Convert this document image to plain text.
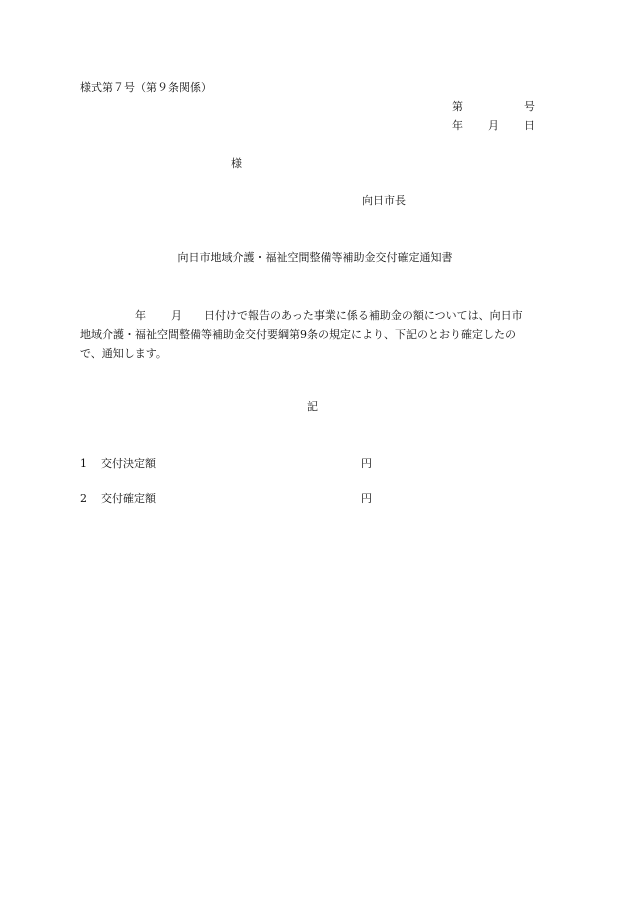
様式第７号（第９条関係）
第	号
年 月 日
様
向日市長
向日市地域介護・福祉空間整備等補助金交付確定通知書
年 月 日付けで報告のあった事業に係る補助金の額については、向日市
地域介護・福祉空間整備等補助金交付要綱第9条の規定により、下記のとおり確定したの
で、通知します。
記
1 交付決定額	円
2 交付確定額	円
